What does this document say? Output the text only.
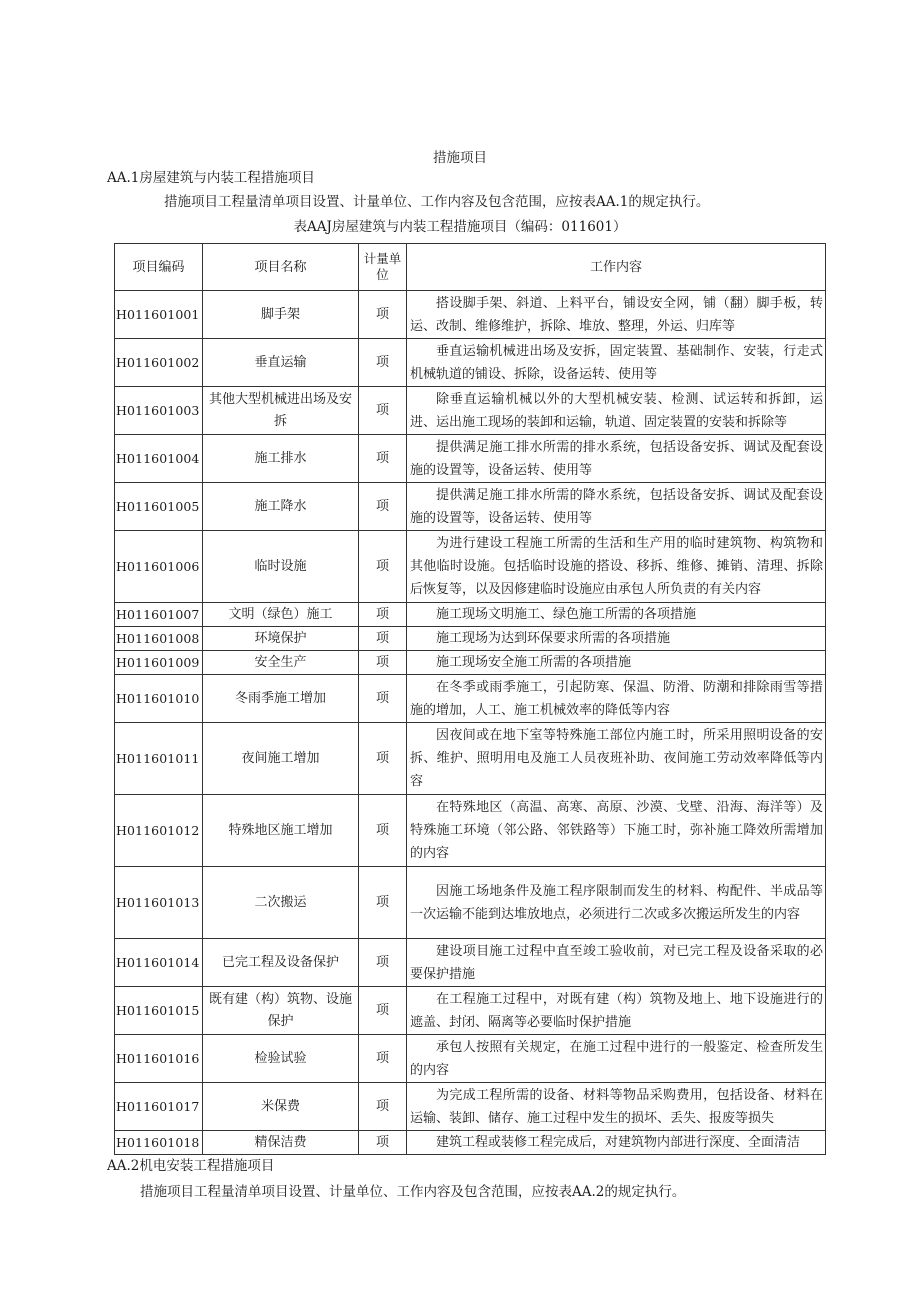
措施项目
AA.1房屋建筑与内装工程措施项目
措施项目工程量清单项目设置、计量单位、工作内容及包含范围，应按表AA.1的规定执行。
表AAJ房屋建筑与内装工程措施项目（编码：011601）
项目编码	项目名称	计量单位	工作内容
H011601001	脚手架	项	搭设脚手架、斜道、上料平台，铺设安全网，铺（翻）脚手板，转运、改制、维修维护，拆除、堆放、整理，外运、归库等

H011601002	垂直运输	项	垂直运输机械进出场及安拆，固定装置、基础制作、安装，行走式机械轨道的铺设、拆除，设备运转、使用等

H011601003	其他大型机械进出场及安拆	项	除垂直运输机械以外的大型机械安装、检测、试运转和拆卸，运进、运出施工现场的装卸和运输，轨道、固定装置的安装和拆除等

H011601004	施工排水	项	提供满足施工排水所需的排水系统，包括设备安拆、调试及配套设施的设置等，设备运转、使用等

H011601005	施工降水	项	提供满足施工排水所需的降水系统，包括设备安拆、调试及配套设施的设置等，设备运转、使用等

H011601006	临时设施	项	为进行建设工程施工所需的生活和生产用的临时建筑物、构筑物和其他临时设施。包括临时设施的搭设、移拆、维修、摊销、清理、拆除后恢复等，以及因修建临时设施应由承包人所负责的有关内容

H011601007	文明（绿色）施工	项	施工现场文明施工、绿色施工所需的各项措施

H011601008	环境保护	项	施工现场为达到环保要求所需的各项措施

H011601009	安全生产	项	施工现场安全施工所需的各项措施

H011601010	冬雨季施工增加	项	在冬季或雨季施工，引起防寒、保温、防滑、防潮和排除雨雪等措施的增加，人工、施工机械效率的降低等内容

H011601011	夜间施工增加	项	因夜间或在地下室等特殊施工部位内施工时，所采用照明设备的安拆、维护、照明用电及施工人员夜班补助、夜间施工劳动效率降低等内容

H011601012	特殊地区施工增加	项	在特殊地区（高温、高寒、高原、沙漠、戈壁、沿海、海洋等）及特殊施工环境（邻公路、邻铁路等）下施工时，弥补施工降效所需增加的内容

H011601013	二次搬运	项	因施工场地条件及施工程序限制而发生的材料、构配件、半成品等一次运输不能到达堆放地点，必须进行二次或多次搬运所发生的内容

H011601014	已完工程及设备保护	项	建设项目施工过程中直至竣工验收前，对已完工程及设备采取的必要保护措施

H011601015	既有建（构）筑物、设施保护	项	在工程施工过程中，对既有建（构）筑物及地上、地下设施进行的遮盖、封闭、隔离等必要临时保护措施

H011601016	检验试验	项	承包人按照有关规定，在施工过程中进行的一般鉴定、检查所发生的内容

H011601017	米保费	项	为完成工程所需的设备、材料等物品采购费用，包括设备、材料在运输、装卸、储存、施工过程中发生的损坏、丢失、报废等损失

H011601018	精保洁费	项	建筑工程或装修工程完成后，对建筑物内部进行深度、全面清洁
AA.2机电安装工程措施项目
措施项目工程量清单项目设置、计量单位、工作内容及包含范围，应按表AA.2的规定执行。
